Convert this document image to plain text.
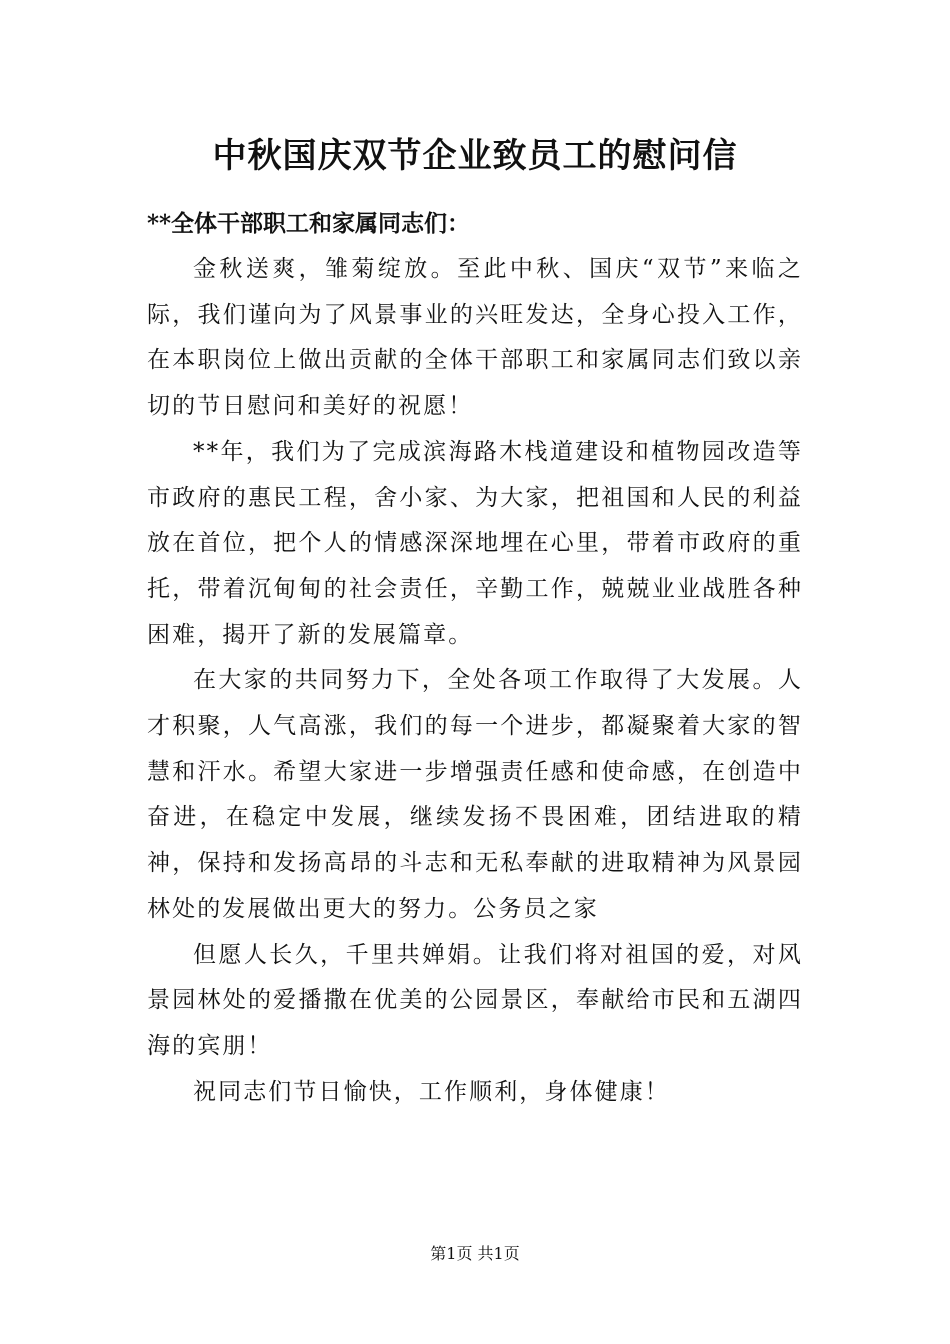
中秋国庆双节企业致员工的慰问信
**全体干部职工和家属同志们：

金秋送爽，雏菊绽放。至此中秋、国庆“双节”来临之际，我们谨向为了风景事业的兴旺发达，全身心投入工作，在本职岗位上做出贡献的全体干部职工和家属同志们致以亲切的节日慰问和美好的祝愿！

**年，我们为了完成滨海路木栈道建设和植物园改造等市政府的惠民工程，舍小家、为大家，把祖国和人民的利益放在首位，把个人的情感深深地埋在心里，带着市政府的重托，带着沉甸甸的社会责任，辛勤工作，兢兢业业战胜各种困难，揭开了新的发展篇章。

在大家的共同努力下，全处各项工作取得了大发展。人才积聚，人气高涨，我们的每一个进步，都凝聚着大家的智慧和汗水。希望大家进一步增强责任感和使命感，在创造中奋进，在稳定中发展，继续发扬不畏困难，团结进取的精神，保持和发扬高昂的斗志和无私奉献的进取精神为风景园林处的发展做出更大的努力。公务员之家

但愿人长久，千里共婵娟。让我们将对祖国的爱，对风景园林处的爱播撒在优美的公园景区，奉献给市民和五湖四海的宾朋！

祝同志们节日愉快，工作顺利，身体健康！

第1页 共1页
